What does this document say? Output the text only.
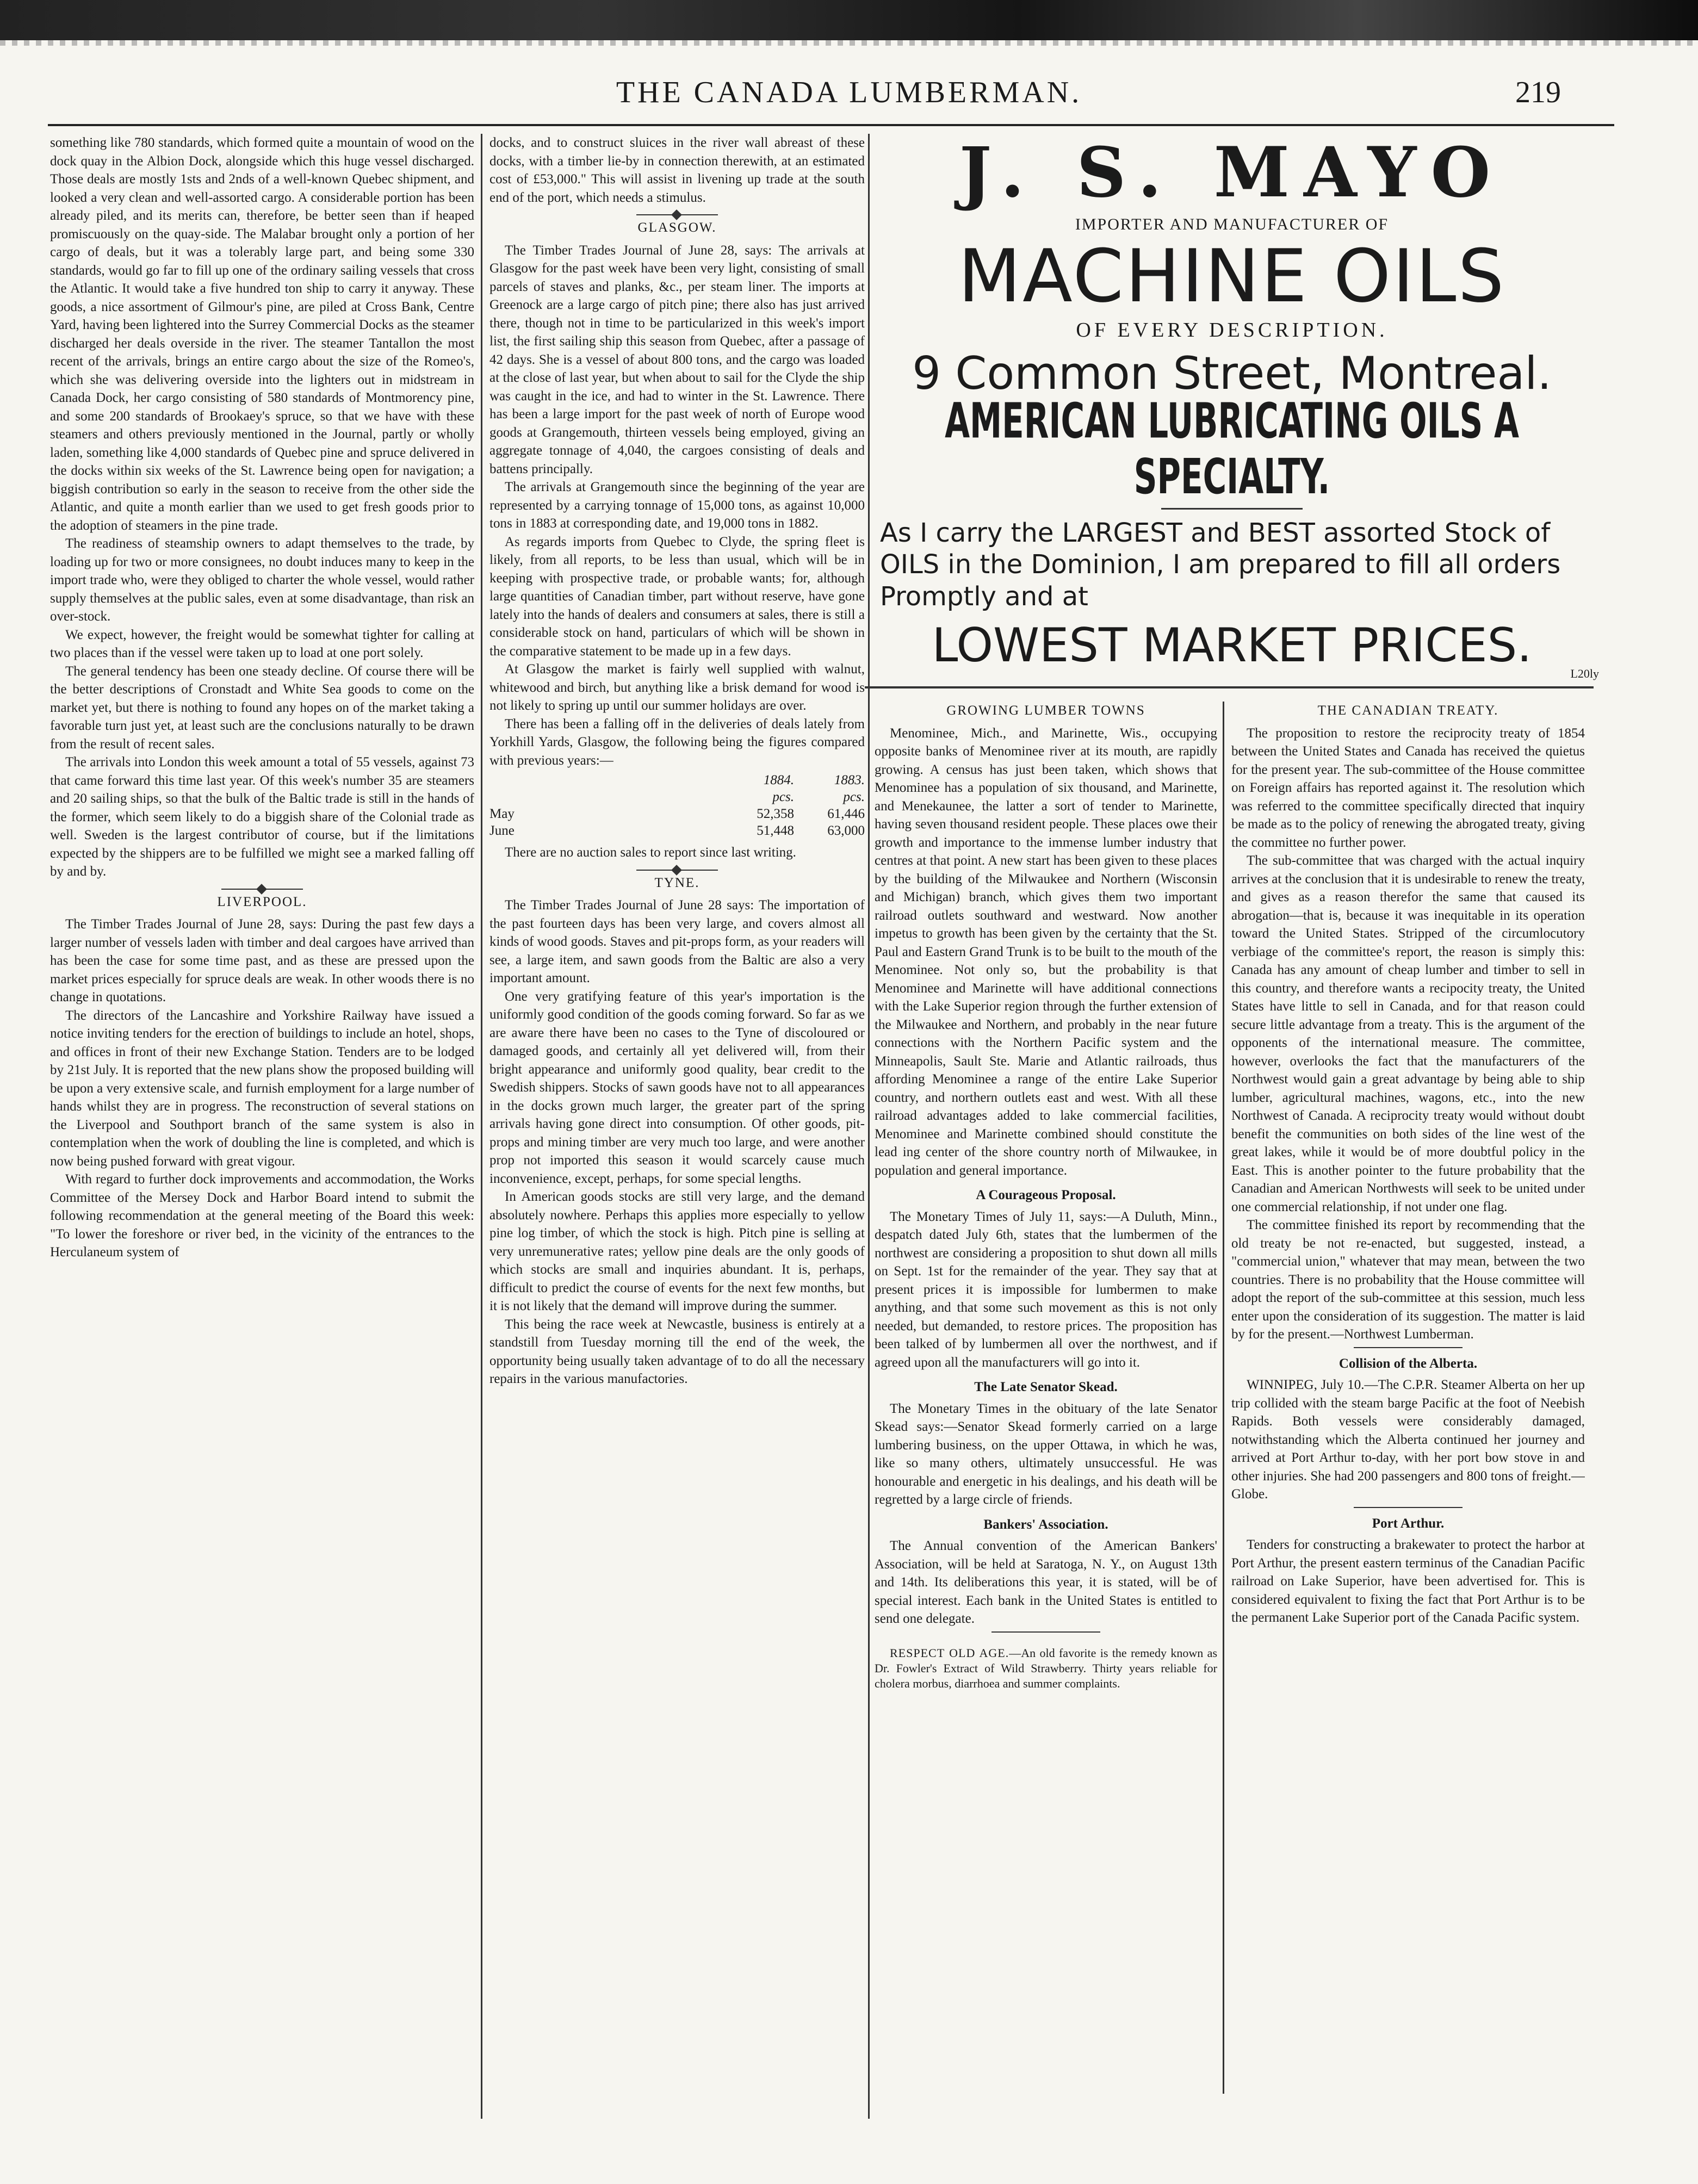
THE CANADA LUMBERMAN.	219

something like 780 standards, which formed quite a mountain of wood on the dock quay in the Albion Dock, alongside which this huge vessel discharged. Those deals are mostly 1sts and 2nds of a well-known Quebec shipment, and looked a very clean and well-assorted cargo. A considerable portion has been already piled, and its merits can, therefore, be better seen than if heaped promiscuously on the quay-side. The Malabar brought only a portion of her cargo of deals, but it was a tolerably large part, and being some 330 standards, would go far to fill up one of the ordinary sailing vessels that cross the Atlantic. It would take a five hundred ton ship to carry it anyway. These goods, a nice assortment of Gilmour's pine, are piled at Cross Bank, Centre Yard, having been lightered into the Surrey Commercial Docks as the steamer discharged her deals overside in the river. The steamer Tantallon the most recent of the arrivals, brings an entire cargo about the size of the Romeo's, which she was delivering overside into the lighters out in midstream in Canada Dock, her cargo consisting of 580 standards of Montmorency pine, and some 200 standards of Brookaey's spruce, so that we have with these steamers and others previously mentioned in the Journal, partly or wholly laden, something like 4,000 standards of Quebec pine and spruce delivered in the docks within six weeks of the St. Lawrence being open for navigation; a biggish contribution so early in the season to receive from the other side the Atlantic, and quite a month earlier than we used to get fresh goods prior to the adoption of steamers in the pine trade.

The readiness of steamship owners to adapt themselves to the trade, by loading up for two or more consignees, no doubt induces many to keep in the import trade who, were they obliged to charter the whole vessel, would rather supply themselves at the public sales, even at some disadvantage, than risk an over-stock.

We expect, however, the freight would be somewhat tighter for calling at two places than if the vessel were taken up to load at one port solely.

The general tendency has been one steady decline. Of course there will be the better descriptions of Cronstadt and White Sea goods to come on the market yet, but there is nothing to found any hopes on of the market taking a favorable turn just yet, at least such are the conclusions naturally to be drawn from the result of recent sales.

The arrivals into London this week amount a total of 55 vessels, against 73 that came forward this time last year. Of this week's number 35 are steamers and 20 sailing ships, so that the bulk of the Baltic trade is still in the hands of the former, which seem likely to do a biggish share of the Colonial trade as well. Sweden is the largest contributor of course, but if the limitations expected by the shippers are to be fulfilled we might see a marked falling off by and by.

LIVERPOOL.

The Timber Trades Journal of June 28, says: During the past few days a larger number of vessels laden with timber and deal cargoes have arrived than has been the case for some time past, and as these are pressed upon the market prices especially for spruce deals are weak. In other woods there is no change in quotations.

The directors of the Lancashire and Yorkshire Railway have issued a notice inviting tenders for the erection of buildings to include an hotel, shops, and offices in front of their new Exchange Station. Tenders are to be lodged by 21st July. It is reported that the new plans show the proposed building will be upon a very extensive scale, and furnish employment for a large number of hands whilst they are in progress. The reconstruction of several stations on the Liverpool and Southport branch of the same system is also in contemplation when the work of doubling the line is completed, and which is now being pushed forward with great vigour.

With regard to further dock improvements and accommodation, the Works Committee of the Mersey Dock and Harbor Board intend to submit the following recommendation at the general meeting of the Board this week: "To lower the foreshore or river bed, in the vicinity of the entrances to the Herculaneum system of

docks, and to construct sluices in the river wall abreast of these docks, with a timber lie-by in connection therewith, at an estimated cost of £53,000." This will assist in livening up trade at the south end of the port, which needs a stimulus.

GLASGOW.

The Timber Trades Journal of June 28, says: The arrivals at Glasgow for the past week have been very light, consisting of small parcels of staves and planks, &c., per steam liner. The imports at Greenock are a large cargo of pitch pine; there also has just arrived there, though not in time to be particularized in this week's import list, the first sailing ship this season from Quebec, after a passage of 42 days. She is a vessel of about 800 tons, and the cargo was loaded at the close of last year, but when about to sail for the Clyde the ship was caught in the ice, and had to winter in the St. Lawrence. There has been a large import for the past week of north of Europe wood goods at Grangemouth, thirteen vessels being employed, giving an aggregate tonnage of 4,040, the cargoes consisting of deals and battens principally.

The arrivals at Grangemouth since the beginning of the year are represented by a carrying tonnage of 15,000 tons, as against 10,000 tons in 1883 at corresponding date, and 19,000 tons in 1882.

As regards imports from Quebec to Clyde, the spring fleet is likely, from all reports, to be less than usual, which will be in keeping with prospective trade, or probable wants; for, although large quantities of Canadian timber, part without reserve, have gone lately into the hands of dealers and consumers at sales, there is still a considerable stock on hand, particulars of which will be shown in the comparative statement to be made up in a few days.

At Glasgow the market is fairly well supplied with walnut, whitewood and birch, but anything like a brisk demand for wood is not likely to spring up until our summer holidays are over.

There has been a falling off in the deliveries of deals lately from Yorkhill Yards, Glasgow, the following being the figures compared with previous years:—

	1884.	1883.
	pcs.	pcs.
May	52,358	61,446
June	51,448	63,000

There are no auction sales to report since last writing.

TYNE.

The Timber Trades Journal of June 28 says: The importation of the past fourteen days has been very large, and covers almost all kinds of wood goods. Staves and pit-props form, as your readers will see, a large item, and sawn goods from the Baltic are also a very important amount.

One very gratifying feature of this year's importation is the uniformly good condition of the goods coming forward. So far as we are aware there have been no cases to the Tyne of discoloured or damaged goods, and certainly all yet delivered will, from their bright appearance and uniformly good quality, bear credit to the Swedish shippers. Stocks of sawn goods have not to all appearances in the docks grown much larger, the greater part of the spring arrivals having gone direct into consumption. Of other goods, pit-props and mining timber are very much too large, and were another prop not imported this season it would scarcely cause much inconvenience, except, perhaps, for some special lengths.

In American goods stocks are still very large, and the demand absolutely nowhere. Perhaps this applies more especially to yellow pine log timber, of which the stock is high. Pitch pine is selling at very unremunerative rates; yellow pine deals are the only goods of which stocks are small and inquiries abundant. It is, perhaps, difficult to predict the course of events for the next few months, but it is not likely that the demand will improve during the summer.

This being the race week at Newcastle, business is entirely at a standstill from Tuesday morning till the end of the week, the opportunity being usually taken advantage of to do all the necessary repairs in the various manufactories.

J. S. MAYO
IMPORTER AND MANUFACTURER OF
MACHINE OILS
OF EVERY DESCRIPTION.
9 Common Street, Montreal.
AMERICAN LUBRICATING OILS A SPECIALTY.
As I carry the LARGEST and BEST assorted Stock of OILS in the Dominion, I am prepared to fill all orders Promptly and at
LOWEST MARKET PRICES.
L20ly
GROWING LUMBER TOWNS

Menominee, Mich., and Marinette, Wis., occupying opposite banks of Menominee river at its mouth, are rapidly growing. A census has just been taken, which shows that Menominee has a population of six thousand, and Marinette, and Menekaunee, the latter a sort of tender to Marinette, having seven thousand resident people. These places owe their growth and importance to the immense lumber industry that centres at that point. A new start has been given to these places by the building of the Milwaukee and Northern (Wisconsin and Michigan) branch, which gives them two important railroad outlets southward and westward. Now another impetus to growth has been given by the certainty that the St. Paul and Eastern Grand Trunk is to be built to the mouth of the Menominee. Not only so, but the probability is that Menominee and Marinette will have additional connections with the Lake Superior region through the further extension of the Milwaukee and Northern, and probably in the near future connections with the Northern Pacific system and the Minneapolis, Sault Ste. Marie and Atlantic railroads, thus affording Menominee a range of the entire Lake Superior country, and northern outlets east and west. With all these railroad advantages added to lake commercial facilities, Menominee and Marinette combined should constitute the lead ing center of the shore country north of Milwaukee, in population and general importance.

A Courageous Proposal.

The Monetary Times of July 11, says:—A Duluth, Minn., despatch dated July 6th, states that the lumbermen of the northwest are considering a proposition to shut down all mills on Sept. 1st for the remainder of the year. They say that at present prices it is impossible for lumbermen to make anything, and that some such movement as this is not only needed, but demanded, to restore prices. The proposition has been talked of by lumbermen all over the northwest, and if agreed upon all the manufacturers will go into it.

The Late Senator Skead.

The Monetary Times in the obituary of the late Senator Skead says:—Senator Skead formerly carried on a large lumbering business, on the upper Ottawa, in which he was, like so many others, ultimately unsuccessful. He was honourable and energetic in his dealings, and his death will be regretted by a large circle of friends.

Bankers' Association.

The Annual convention of the American Bankers' Association, will be held at Saratoga, N. Y., on August 13th and 14th. Its deliberations this year, it is stated, will be of special interest. Each bank in the United States is entitled to send one delegate.

RESPECT OLD AGE.—An old favorite is the remedy known as Dr. Fowler's Extract of Wild Strawberry. Thirty years reliable for cholera morbus, diarrhoea and summer complaints.
THE CANADIAN TREATY.

The proposition to restore the reciprocity treaty of 1854 between the United States and Canada has received the quietus for the present year. The sub-committee of the House committee on Foreign affairs has reported against it. The resolution which was referred to the committee specifically directed that inquiry be made as to the policy of renewing the abrogated treaty, giving the committee no further power.

The sub-committee that was charged with the actual inquiry arrives at the conclusion that it is undesirable to renew the treaty, and gives as a reason therefor the same that caused its abrogation—that is, because it was inequitable in its operation toward the United States. Stripped of the circumlocutory verbiage of the committee's report, the reason is simply this: Canada has any amount of cheap lumber and timber to sell in this country, and therefore wants a recipocity treaty, the United States have little to sell in Canada, and for that reason could secure little advantage from a treaty. This is the argument of the opponents of the international measure. The committee, however, overlooks the fact that the manufacturers of the Northwest would gain a great advantage by being able to ship lumber, agricultural machines, wagons, etc., into the new Northwest of Canada. A reciprocity treaty would without doubt benefit the communities on both sides of the line west of the great lakes, while it would be of more doubtful policy in the East. This is another pointer to the future probability that the Canadian and American Northwests will seek to be united under one commercial relationship, if not under one flag.

The committee finished its report by recommending that the old treaty be not re-enacted, but suggested, instead, a "commercial union," whatever that may mean, between the two countries. There is no probability that the House committee will adopt the report of the sub-committee at this session, much less enter upon the consideration of its suggestion. The matter is laid by for the present.—Northwest Lumberman.

Collision of the Alberta.

WINNIPEG, July 10.—The C.P.R. Steamer Alberta on her up trip collided with the steam barge Pacific at the foot of Neebish Rapids. Both vessels were considerably damaged, notwithstanding which the Alberta continued her journey and arrived at Port Arthur to-day, with her port bow stove in and other injuries. She had 200 passengers and 800 tons of freight.—Globe.

Port Arthur.

Tenders for constructing a brakewater to protect the harbor at Port Arthur, the present eastern terminus of the Canadian Pacific railroad on Lake Superior, have been advertised for. This is considered equivalent to fixing the fact that Port Arthur is to be the permanent Lake Superior port of the Canada Pacific system.
